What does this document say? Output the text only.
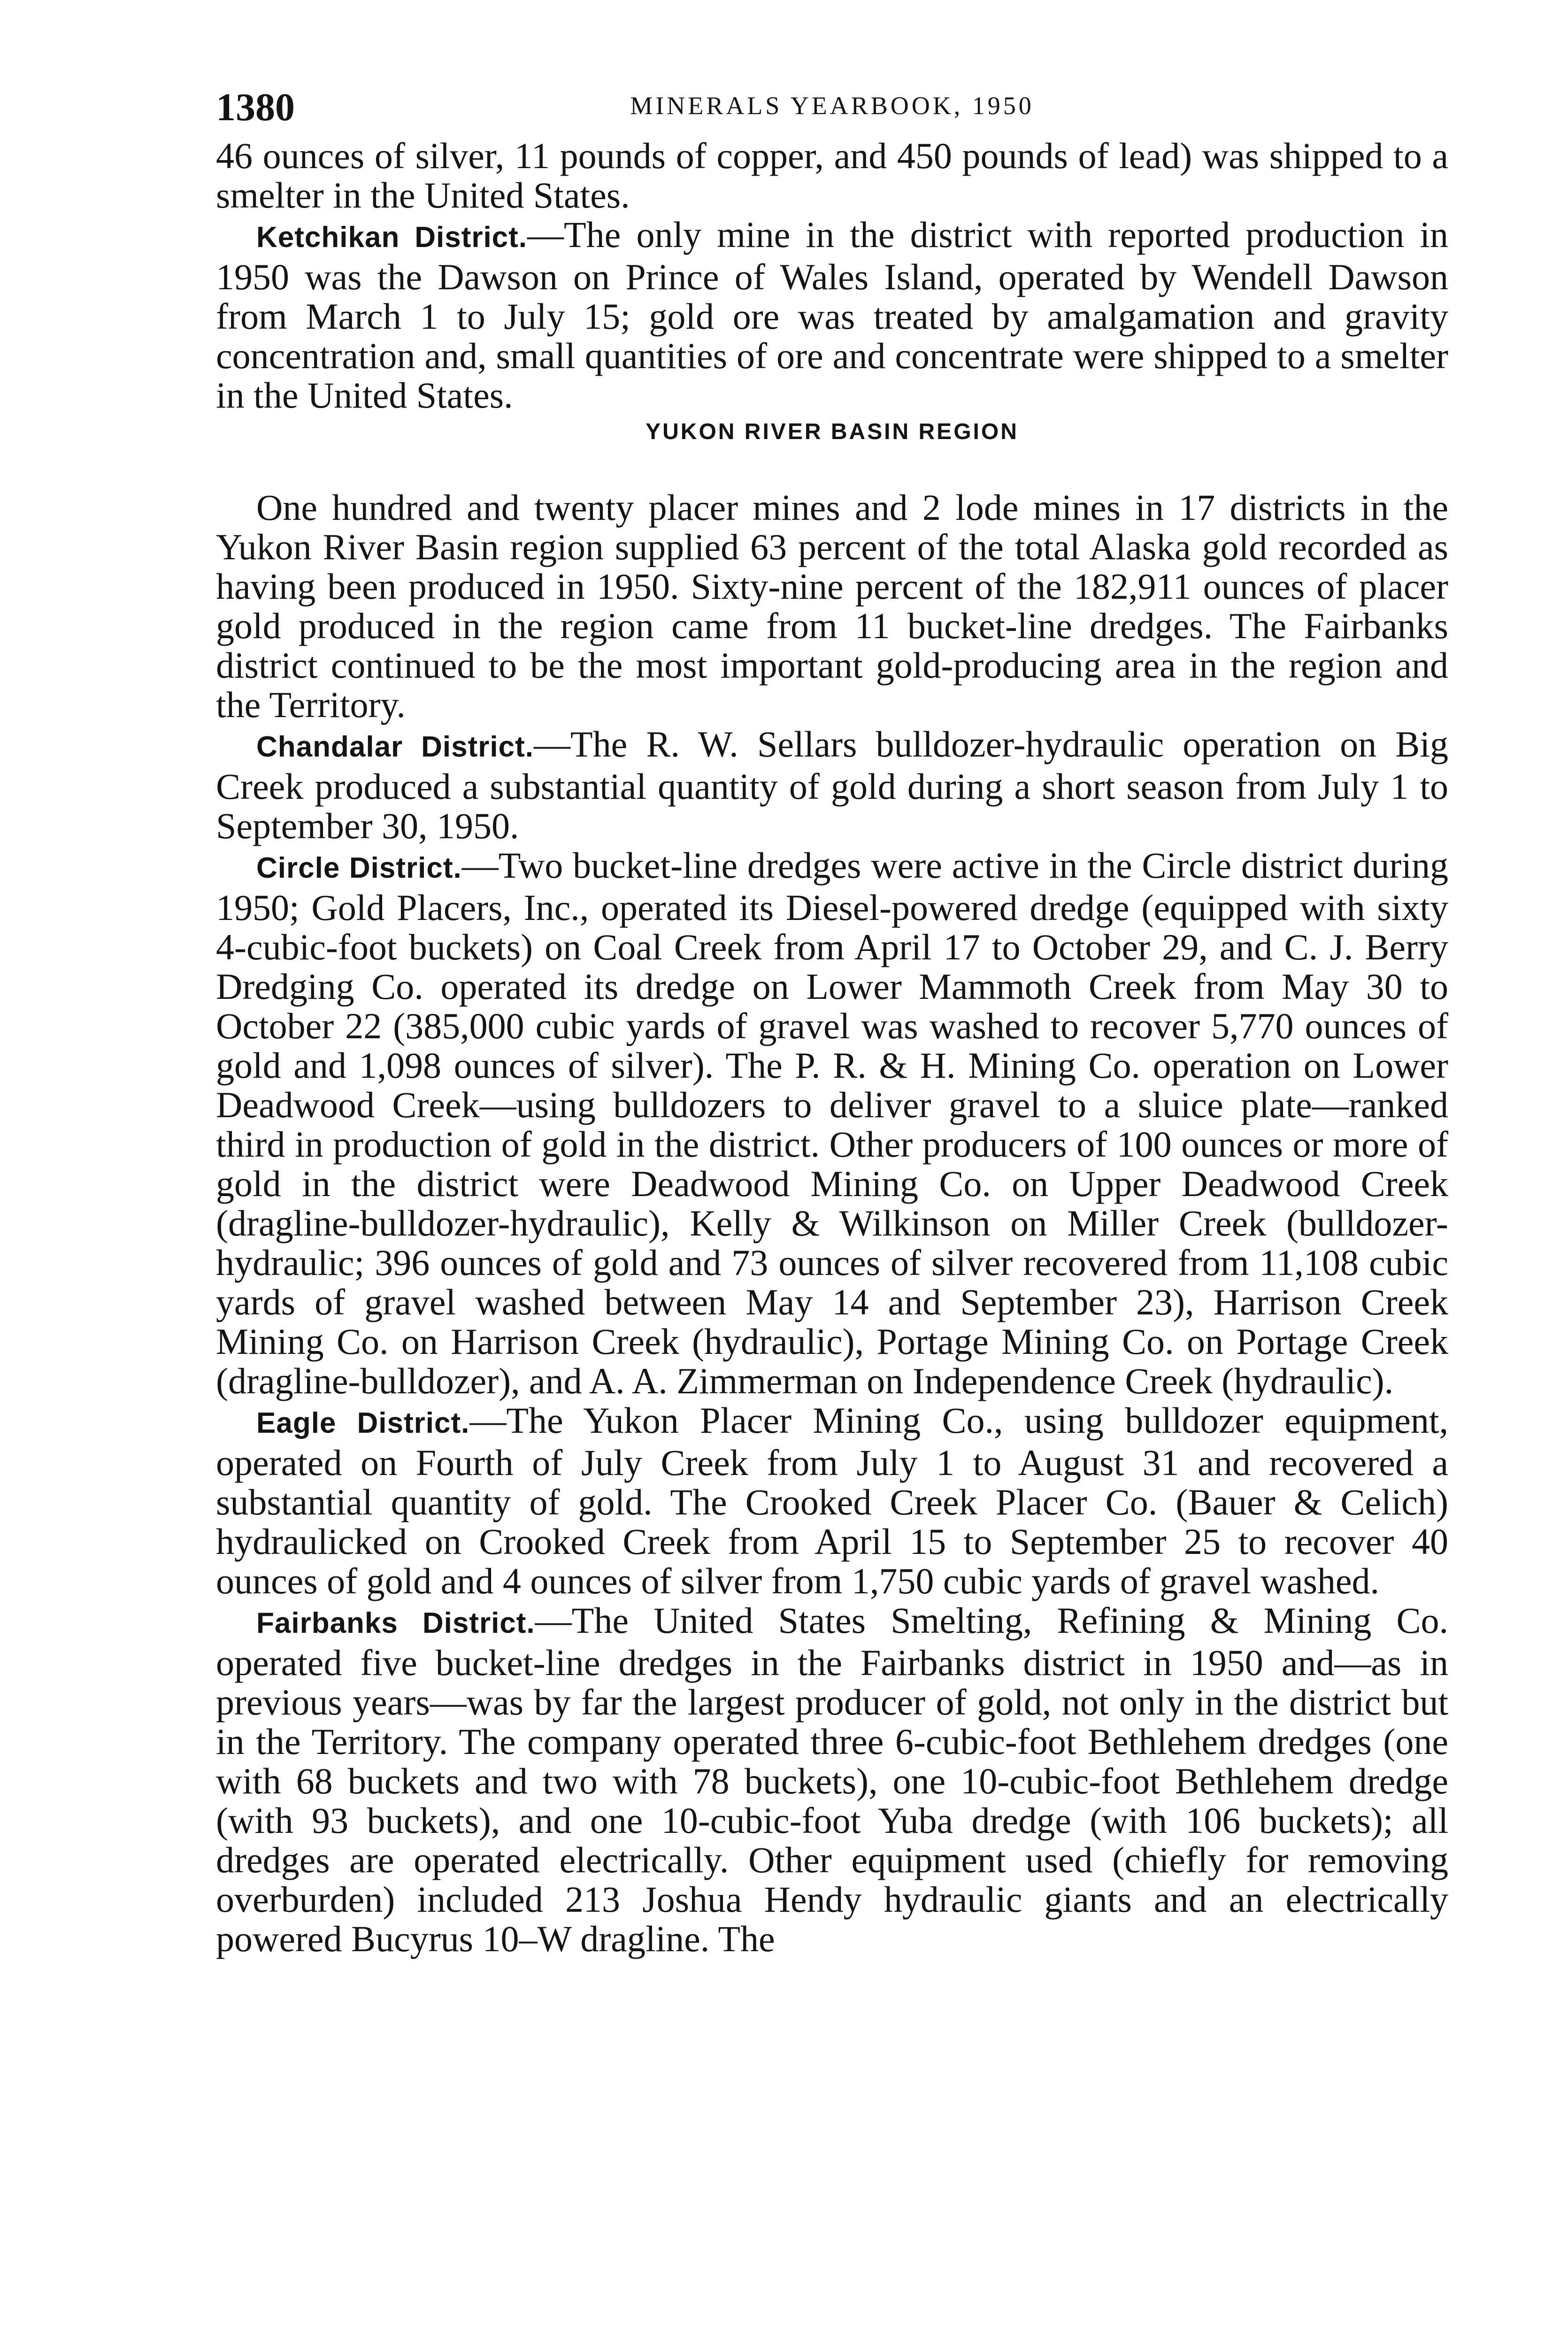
1380	MINERALS YEARBOOK, 1950

46 ounces of silver, 11 pounds of copper, and 450 pounds of lead) was shipped to a smelter in the United States.

Ketchikan District.—The only mine in the district with reported production in 1950 was the Dawson on Prince of Wales Island, operated by Wendell Dawson from March 1 to July 15; gold ore was treated by amalgamation and gravity concentration and, small quantities of ore and concentrate were shipped to a smelter in the United States.

YUKON RIVER BASIN REGION

One hundred and twenty placer mines and 2 lode mines in 17 districts in the Yukon River Basin region supplied 63 percent of the total Alaska gold recorded as having been produced in 1950. Sixty-nine percent of the 182,911 ounces of placer gold produced in the region came from 11 bucket-line dredges. The Fairbanks district continued to be the most important gold-producing area in the region and the Territory.

Chandalar District.—The R. W. Sellars bulldozer-hydraulic operation on Big Creek produced a substantial quantity of gold during a short season from July 1 to September 30, 1950.

Circle District.—Two bucket-line dredges were active in the Circle district during 1950; Gold Placers, Inc., operated its Diesel-powered dredge (equipped with sixty 4-cubic-foot buckets) on Coal Creek from April 17 to October 29, and C. J. Berry Dredging Co. operated its dredge on Lower Mammoth Creek from May 30 to October 22 (385,000 cubic yards of gravel was washed to recover 5,770 ounces of gold and 1,098 ounces of silver). The P. R. & H. Mining Co. operation on Lower Deadwood Creek—using bulldozers to deliver gravel to a sluice plate—ranked third in production of gold in the district. Other producers of 100 ounces or more of gold in the district were Deadwood Mining Co. on Upper Deadwood Creek (dragline-bulldozer-hydraulic), Kelly & Wilkinson on Miller Creek (bulldozer-hydraulic; 396 ounces of gold and 73 ounces of silver recovered from 11,108 cubic yards of gravel washed between May 14 and September 23), Harrison Creek Mining Co. on Harrison Creek (hydraulic), Portage Mining Co. on Portage Creek (dragline-bulldozer), and A. A. Zimmerman on Independence Creek (hydraulic).

Eagle District.—The Yukon Placer Mining Co., using bulldozer equipment, operated on Fourth of July Creek from July 1 to August 31 and recovered a substantial quantity of gold. The Crooked Creek Placer Co. (Bauer & Celich) hydraulicked on Crooked Creek from April 15 to September 25 to recover 40 ounces of gold and 4 ounces of silver from 1,750 cubic yards of gravel washed.

Fairbanks District.—The United States Smelting, Refining & Mining Co. operated five bucket-line dredges in the Fairbanks district in 1950 and—as in previous years—was by far the largest producer of gold, not only in the district but in the Territory. The company operated three 6-cubic-foot Bethlehem dredges (one with 68 buckets and two with 78 buckets), one 10-cubic-foot Bethlehem dredge (with 93 buckets), and one 10-cubic-foot Yuba dredge (with 106 buckets); all dredges are operated electrically. Other equipment used (chiefly for removing overburden) included 213 Joshua Hendy hydraulic giants and an electrically powered Bucyrus 10–W dragline. The
